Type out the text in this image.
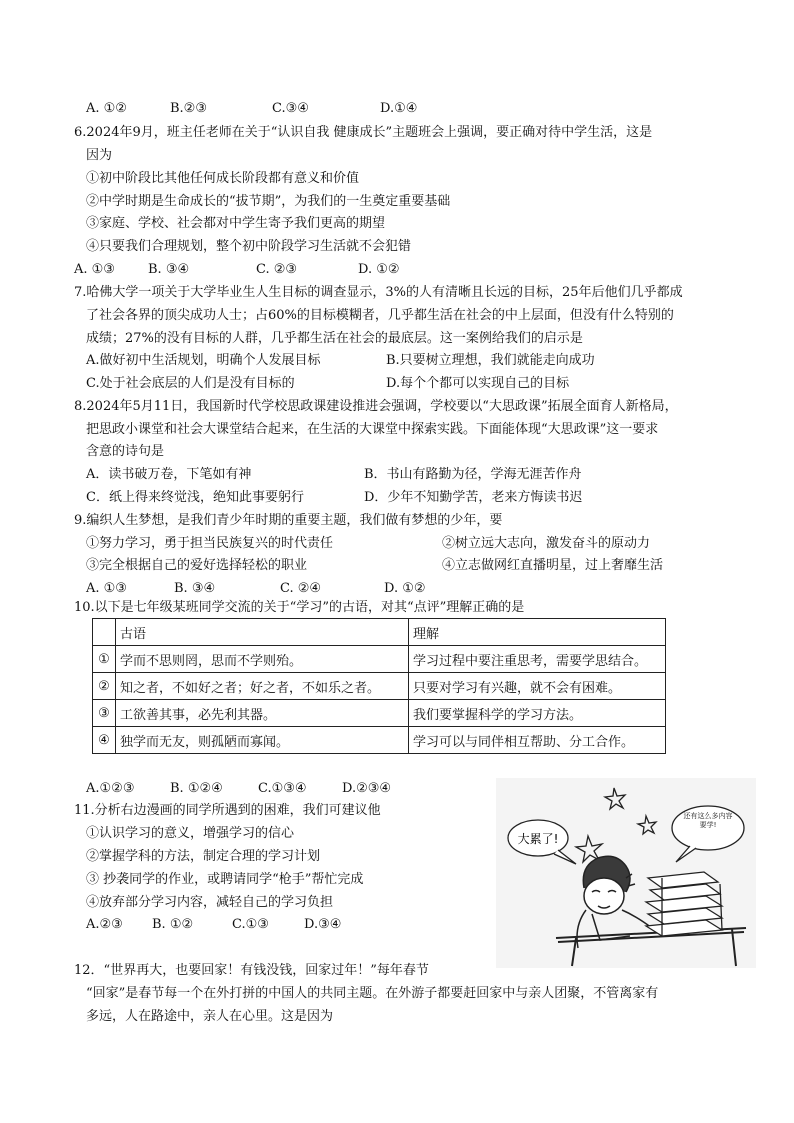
A. ①②	B.②③	C.③④	D.①④
6.2024年9月，班主任老师在关于“认识自我 健康成长”主题班会上强调，要正确对待中学生活，这是
因为
①初中阶段比其他任何成长阶段都有意义和价值
②中学时期是生命成长的“拔节期”，为我们的一生奠定重要基础
③家庭、学校、社会都对中学生寄予我们更高的期望
④只要我们合理规划，整个初中阶段学习生活就不会犯错
A. ①③	B. ③④	C. ②③	D. ①②
7.哈佛大学一项关于大学毕业生人生目标的调查显示，3%的人有清晰且长远的目标，25年后他们几乎都成
了社会各界的顶尖成功人士；占60%的目标模糊者，几乎都生活在社会的中上层面，但没有什么特别的
成绩；27%的没有目标的人群，几乎都生活在社会的最底层。这一案例给我们的启示是
A.做好初中生活规划，明确个人发展目标	B.只要树立理想，我们就能走向成功
C.处于社会底层的人们是没有目标的	D.每个个都可以实现自己的目标
8.2024年5月11日，我国新时代学校思政课建设推进会强调，学校要以“大思政课”拓展全面育人新格局，
把思政小课堂和社会大课堂结合起来，在生活的大课堂中探索实践。下面能体现“大思政课”这一要求
含意的诗句是
A．读书破万卷，下笔如有神	B．书山有路勤为径，学海无涯苦作舟
C．纸上得来终觉浅，绝知此事要躬行	D．少年不知勤学苦，老来方悔读书迟
9.编织人生梦想，是我们青少年时期的重要主题，我们做有梦想的少年，要
①努力学习，勇于担当民族复兴的时代责任	②树立远大志向，激发奋斗的原动力
③完全根据自己的爱好选择轻松的职业	④立志做网红直播明星，过上奢靡生活
A. ①③	B. ③④	C. ②④	D. ①②
10.以下是七年级某班同学交流的关于“学习”的古语，对其“点评”理解正确的是
	古语	理解
①	学而不思则罔，思而不学则殆。	学习过程中要注重思考，需要学思结合。
②	知之者，不如好之者；好之者，不如乐之者。	只要对学习有兴趣，就不会有困难。
③	工欲善其事，必先利其器。	我们要掌握科学的学习方法。
④	独学而无友，则孤陋而寡闻。	学习可以与同伴相互帮助、分工合作。
A.①②③	B. ①②④	C.①③④	D.②③④
11.分析右边漫画的同学所遇到的困难，我们可建议他
①认识学习的意义，增强学习的信心
②掌握学科的方法，制定合理的学习计划
③ 抄袭同学的作业，或聘请同学“枪手”帮忙完成
④放弃部分学习内容，减轻自己的学习负担
A.②③ B. ①②	C.①③	D.③④
大累了!
还有这么多内容要学!
12．“世界再大，也要回家！有钱没钱，回家过年！”每年春节
“回家”是春节每一个在外打拼的中国人的共同主题。在外游子都要赶回家中与亲人团聚，不管离家有
多远，人在路途中，亲人在心里。这是因为
